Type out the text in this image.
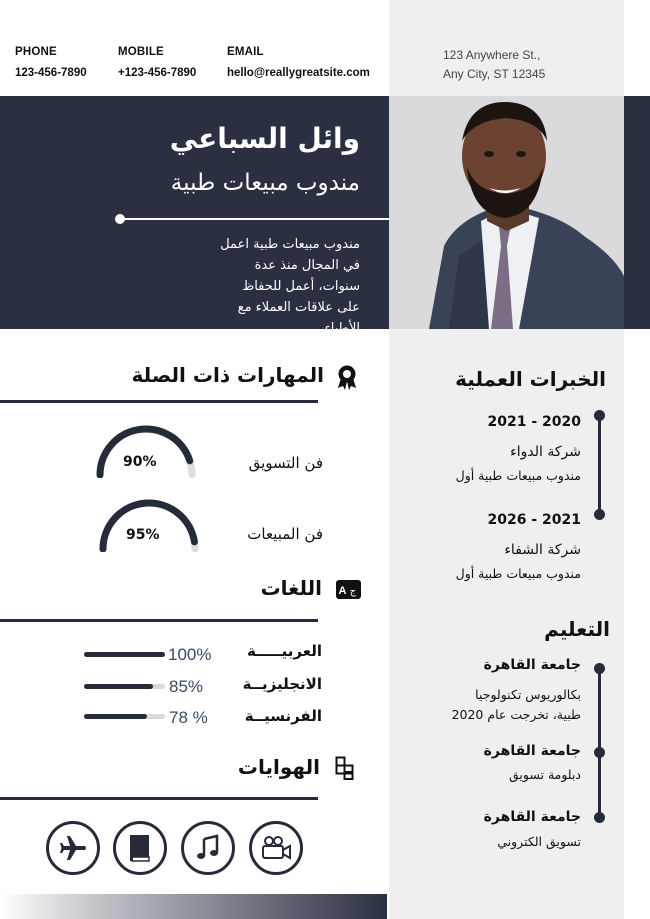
PHONE
123-456-7890
MOBILE
+123-456-7890
EMAIL
hello@reallygreatsite.com
123 Anywhere St.,
Any City, ST 12345
وائل السباعي
مندوب مبيعات طبية
مندوب مبيعات طبية اعمل في المجال منذ عدة سنوات، أعمل للحفاظ على علاقات العملاء مع الأطباء.
المهارات ذات الصلة
فن التسويق
90%
فن المبيعات
95%
اللغات A ج
العربيـــــة
100%
الانجليزيــة
85%
الفرنسيــة
78 %
الهوايات
الخبرات العملية
2020 - 2021
شركة الدواء
مندوب مبيعات طبية أول
2021 - 2026
شركة الشفاء
مندوب مبيعات طبية أول
التعليم
جامعة القاهرة
بكالوريوس تكنولوجيا
طبية، تخرجت عام 2020
جامعة القاهرة
دبلومة تسويق
جامعة القاهرة
تسويق الكتروني
